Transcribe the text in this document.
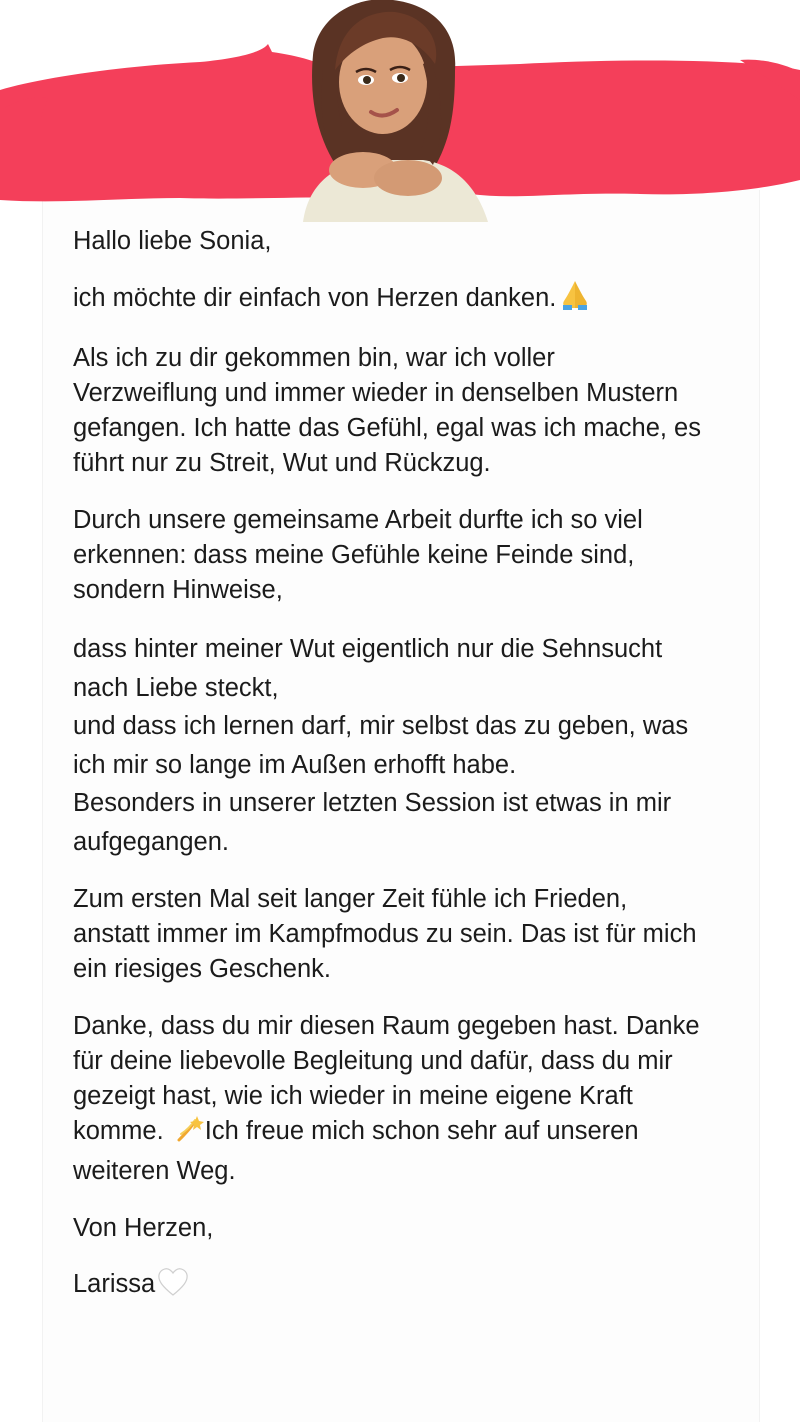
Hallo liebe Sonia,

ich möchte dir einfach von Herzen danken.

Als ich zu dir gekommen bin, war ich voller
Verzweiflung und immer wieder in denselben Mustern
gefangen. Ich hatte das Gefühl, egal was ich mache, es
führt nur zu Streit, Wut und Rückzug.

Durch unsere gemeinsame Arbeit durfte ich so viel
erkennen: dass meine Gefühle keine Feinde sind,
sondern Hinweise,

dass hinter meiner Wut eigentlich nur die Sehnsucht
nach Liebe steckt,
und dass ich lernen darf, mir selbst das zu geben, was
ich mir so lange im Außen erhofft habe.
Besonders in unserer letzten Session ist etwas in mir
aufgegangen.

Zum ersten Mal seit langer Zeit fühle ich Frieden,
anstatt immer im Kampfmodus zu sein. Das ist für mich
ein riesiges Geschenk.

Danke, dass du mir diesen Raum gegeben hast. Danke
für deine liebevolle Begleitung und dafür, dass du mir
gezeigt hast, wie ich wieder in meine eigene Kraft
komme. Ich freue mich schon sehr auf unseren
weiteren Weg.

Von Herzen,

Larissa
